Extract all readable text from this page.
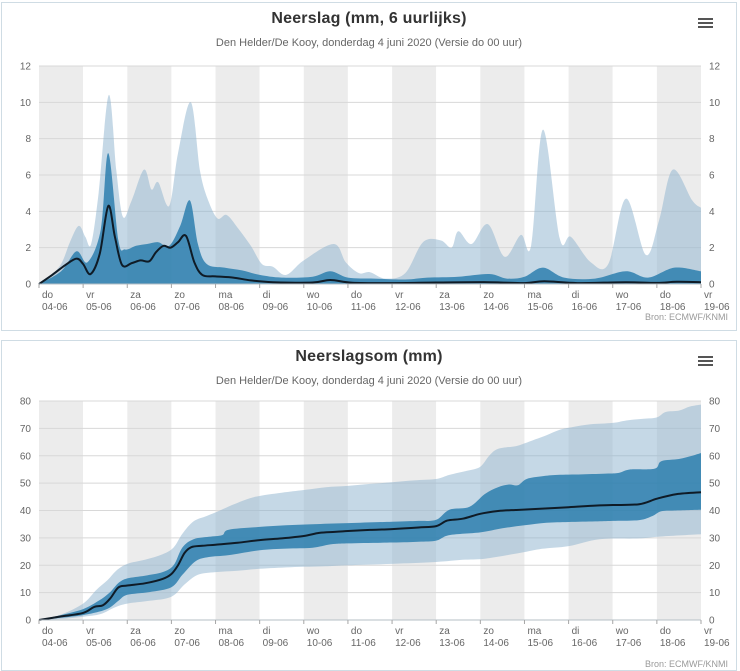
0	0
2	2
4	4
6	6
8	8
10	10
12	12
do
04-06
vr
05-06
za
06-06
zo
07-06
ma
08-06
di
09-06
wo
10-06
do
11-06
vr
12-06
za
13-06
zo
14-06
ma
15-06
di
16-06
wo
17-06
do
18-06
vr
19-06
Neerslag (mm, 6 uurlijks)
Den Helder/De Kooy, donderdag 4 juni 2020 (Versie do 00 uur)
Bron: ECMWF/KNMI
0	0
10	10
20	20
30	30
40	40
50	50
60	60
70	70
80	80
do
04-06
vr
05-06
za
06-06
zo
07-06
ma
08-06
di
09-06
wo
10-06
do
11-06
vr
12-06
za
13-06
zo
14-06
ma
15-06
di
16-06
wo
17-06
do
18-06
vr
19-06
Neerslagsom (mm)
Den Helder/De Kooy, donderdag 4 juni 2020 (Versie do 00 uur)
Bron: ECMWF/KNMI
